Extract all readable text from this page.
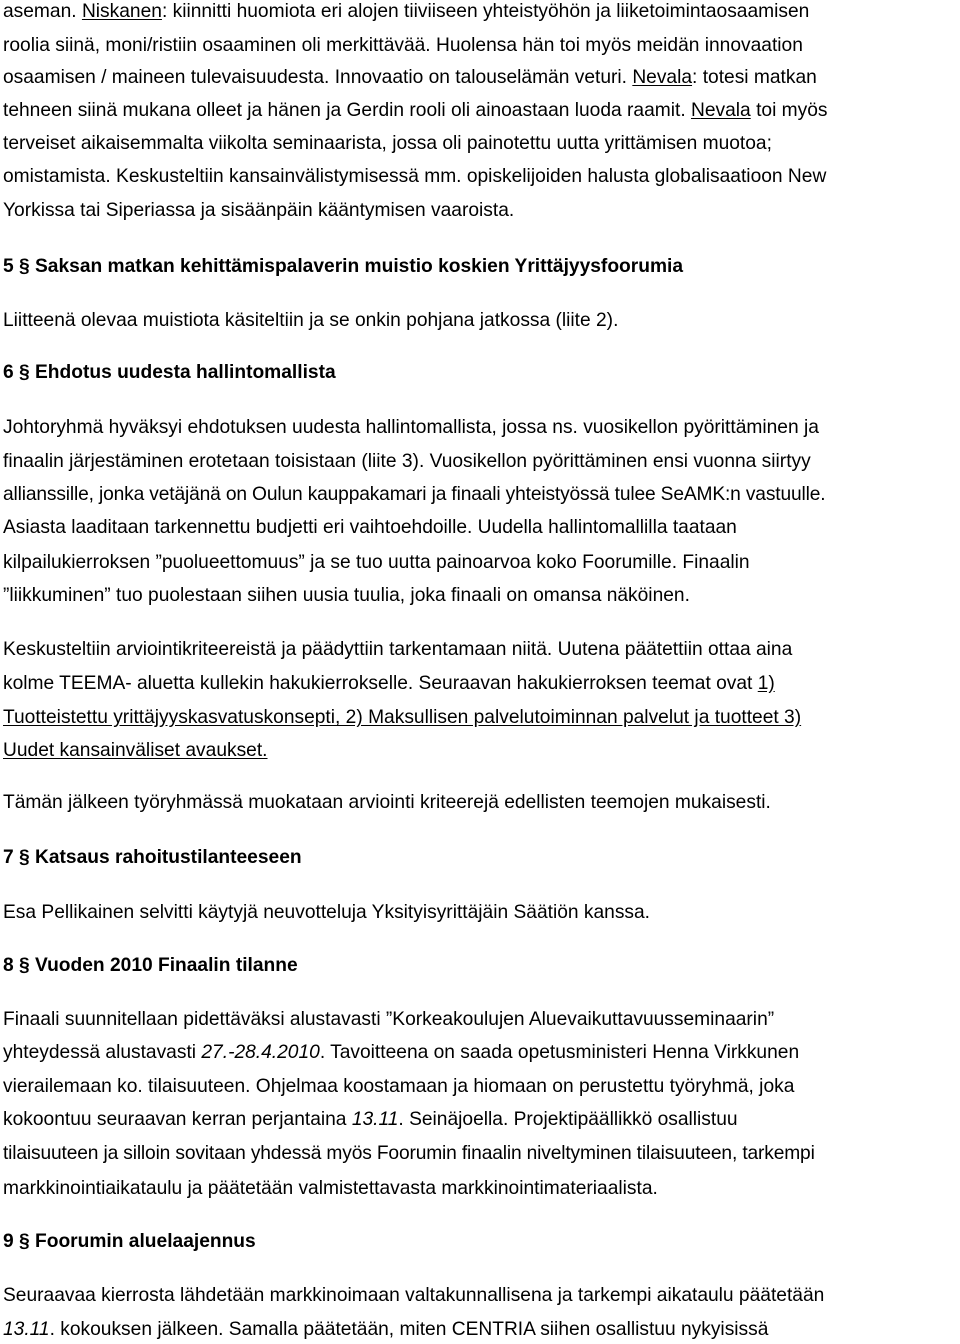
aseman. Niskanen: kiinnitti huomiota eri alojen tiiviiseen yhteistyöhön ja liiketoimintaosaamisen
roolia siinä, moni/ristiin osaaminen oli merkittävää. Huolensa hän toi myös meidän innovaation
osaamisen / maineen tulevaisuudesta. Innovaatio on talouselämän veturi. Nevala: totesi matkan
tehneen siinä mukana olleet ja hänen ja Gerdin rooli oli ainoastaan luoda raamit. Nevala toi myös
terveiset aikaisemmalta viikolta seminaarista, jossa oli painotettu uutta yrittämisen muotoa;
omistamista. Keskusteltiin kansainvälistymisessä mm. opiskelijoiden halusta globalisaatioon New
Yorkissa tai Siperiassa ja sisäänpäin kääntymisen vaaroista.
5 § Saksan matkan kehittämispalaverin muistio koskien Yrittäjyysfoorumia
Liitteenä olevaa muistiota käsiteltiin ja se onkin pohjana jatkossa (liite 2).
6 § Ehdotus uudesta hallintomallista
Johtoryhmä hyväksyi ehdotuksen uudesta hallintomallista, jossa ns. vuosikellon pyörittäminen ja
finaalin järjestäminen erotetaan toisistaan (liite 3). Vuosikellon pyörittäminen ensi vuonna siirtyy
allianssille, jonka vetäjänä on Oulun kauppakamari ja finaali yhteistyössä tulee SeAMK:n vastuulle.
Asiasta laaditaan tarkennettu budjetti eri vaihtoehdoille. Uudella hallintomallilla taataan
kilpailukierroksen ”puolueettomuus” ja se tuo uutta painoarvoa koko Foorumille. Finaalin
”liikkuminen” tuo puolestaan siihen uusia tuulia, joka finaali on omansa näköinen.
Keskusteltiin arviointikriteereistä ja päädyttiin tarkentamaan niitä. Uutena päätettiin ottaa aina
kolme TEEMA- aluetta kullekin hakukierrokselle. Seuraavan hakukierroksen teemat ovat 1)
Tuotteistettu yrittäjyyskasvatuskonsepti, 2) Maksullisen palvelutoiminnan palvelut ja tuotteet 3)
Uudet kansainväliset avaukset.
Tämän jälkeen työryhmässä muokataan arviointi kriteerejä edellisten teemojen mukaisesti.
7 § Katsaus rahoitustilanteeseen
Esa Pellikainen selvitti käytyjä neuvotteluja Yksityisyrittäjäin Säätiön kanssa.
8 § Vuoden 2010 Finaalin tilanne
Finaali suunnitellaan pidettäväksi alustavasti ”Korkeakoulujen Aluevaikuttavuusseminaarin”
yhteydessä alustavasti 27.-28.4.2010. Tavoitteena on saada opetusministeri Henna Virkkunen
vierailemaan ko. tilaisuuteen. Ohjelmaa koostamaan ja hiomaan on perustettu työryhmä, joka
kokoontuu seuraavan kerran perjantaina 13.11. Seinäjoella. Projektipäällikkö osallistuu
tilaisuuteen ja silloin sovitaan yhdessä myös Foorumin finaalin niveltyminen tilaisuuteen, tarkempi
markkinointiaikataulu ja päätetään valmistettavasta markkinointimateriaalista.
9 § Foorumin aluelaajennus
Seuraavaa kierrosta lähdetään markkinoimaan valtakunnallisena ja tarkempi aikataulu päätetään
13.11. kokouksen jälkeen. Samalla päätetään, miten CENTRIA siihen osallistuu nykyisissä
